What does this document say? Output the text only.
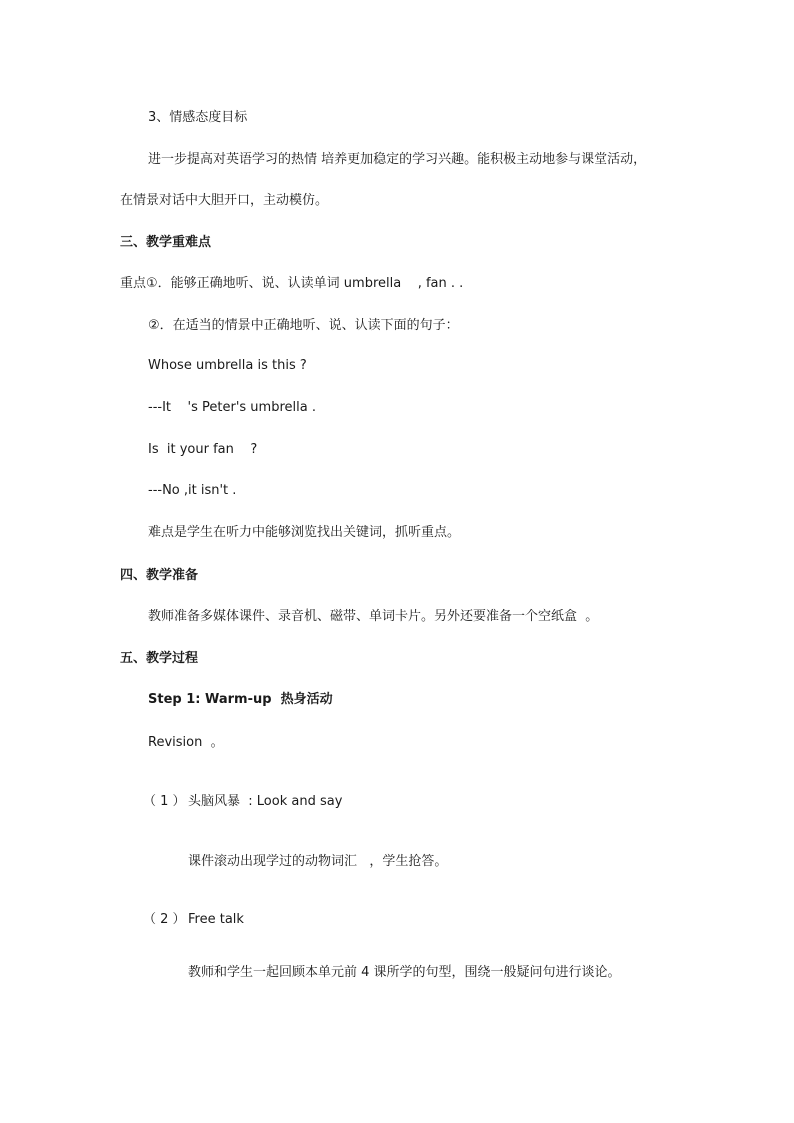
3、情感态度目标
进一步提高对英语学习的热情 培养更加稳定的学习兴趣。能积极主动地参与课堂活动，
在情景对话中大胆开口，主动模仿。
三、教学重难点
重点①．能够正确地听、说、认读单词 umbrella    , fan . .
②．在适当的情景中正确地听、说、认读下面的句子：
Whose umbrella is this ?
---It    's Peter's umbrella .
Is  it your fan    ?
---No ,it isn't .
难点是学生在听力中能够浏览找出关键词，抓听重点。
四、教学准备
教师准备多媒体课件、录音机、磁带、单词卡片。另外还要准备一个空纸盒  。
五、教学过程
Step 1: Warm-up  热身活动
Revision  。
（ 1 ） 头脑风暴  : Look and say
课件滚动出现学过的动物词汇   ，学生抢答。
（ 2 ） Free talk
教师和学生一起回顾本单元前 4 课所学的句型，围绕一般疑问句进行谈论。
